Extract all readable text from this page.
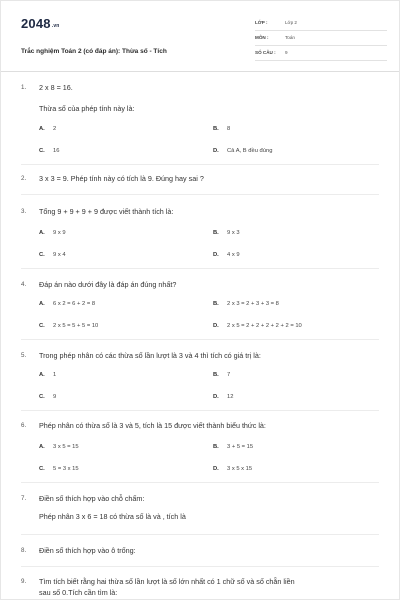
2048.vn
Trắc nghiệm Toán 2 (có đáp án): Thừa số - Tích
LỚP :	Lớp 2
MÔN :	Toán
SỐ CÂU : 9
1. 2 x 8 = 16.
Thừa số của phép tính này là:
A. 2	B. 8
C. 16	D. Cả A, B đều đúng
2. 3 x 3 = 9. Phép tính này có tích là 9. Đúng hay sai ?
3. Tổng 9 + 9 + 9 + 9 được viết thành tích là:
A. 9 x 9	B. 9 x 3
C. 9 x 4	D. 4 x 9
4. Đáp án nào dưới đây là đáp án đúng nhất?
A. 6 x 2 = 6 + 2 = 8	B. 2 x 3 = 2 + 3 + 3 = 8
C. 2 x 5 = 5 + 5 = 10	D. 2 x 5 = 2 + 2 + 2 + 2 + 2 = 10
5. Trong phép nhân có các thừa số lần lượt là 3 và 4 thì tích có giá trị là:
A. 1	B. 7
C. 9	D. 12
6. Phép nhân có thừa số là 3 và 5, tích là 15 được viết thành biểu thức là:
A. 3 x 5 = 15	B. 3 + 5 = 15
C. 5 = 3 x 15	D. 3 x 5 x 15
7. Điền số thích hợp vào chỗ chấm:
Phép nhân 3 x 6 = 18 có thừa số là và , tích là
8. Điền số thích hợp vào ô trống:
9. Tìm tích biết rằng hai thừa số lần lượt là số lớn nhất có 1 chữ số và số chẵn liền
sau số 0.Tích cần tìm là:
